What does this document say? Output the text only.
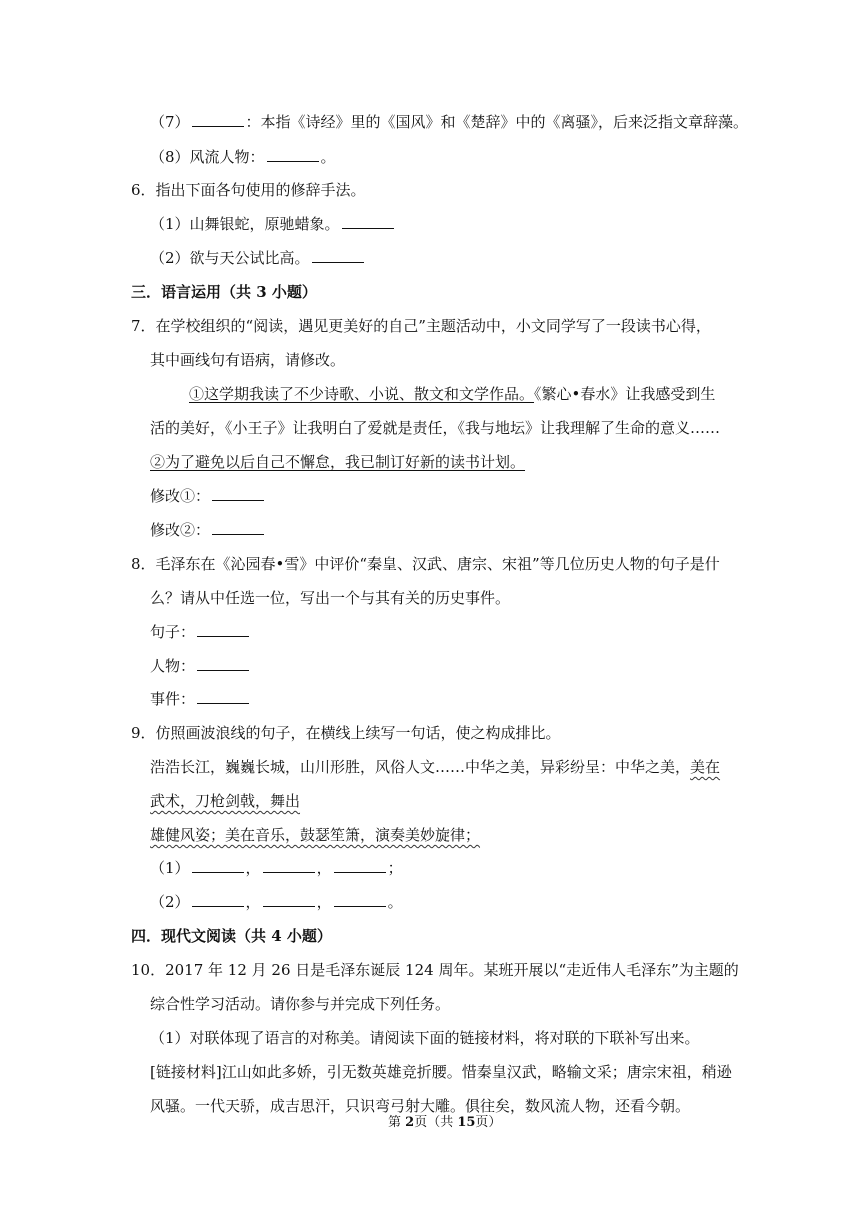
（7）	：本指《诗经》里的《国风》和《楚辞》中的《离骚》，后来泛指文章辞藻。
（8）风流人物：	。
6．指出下面各句使用的修辞手法。
（1）山舞银蛇，原驰蜡象。
（2）欲与天公试比高。
三．语言运用（共 3 小题）
7．在学校组织的“阅读，遇见更美好的自己”主题活动中，小文同学写了一段读书心得，
其中画线句有语病，请修改。
①这学期我读了不少诗歌、小说、散文和文学作品。《繁心•春水》让我感受到生
活的美好，《小王子》让我明白了爱就是责任，《我与地坛》让我理解了生命的意义……
②为了避免以后自己不懈怠，我已制订好新的读书计划。
修改①：
修改②：
8．毛泽东在《沁园春•雪》中评价“秦皇、汉武、唐宗、宋祖”等几位历史人物的句子是什
么？请从中任选一位，写出一个与其有关的历史事件。
句子：
人物：
事件：
9．仿照画波浪线的句子，在横线上续写一句话，使之构成排比。
浩浩长江，巍巍长城，山川形胜，风俗人文……中华之美，异彩纷呈：中华之美，美在
武术，刀枪剑戟，舞出
雄健风姿；美在音乐，鼓瑟笙箫，演奏美妙旋律；
（1）	，	，	；
（2）	，	，	。
四．现代文阅读（共 4 小题）
10．2017 年 12 月 26 日是毛泽东诞辰 124 周年。某班开展以“走近伟人毛泽东”为主题的
综合性学习活动。请你参与并完成下列任务。
（1）对联体现了语言的对称美。请阅读下面的链接材料，将对联的下联补写出来。
[链接材料]江山如此多娇，引无数英雄竞折腰。惜秦皇汉武，略输文采；唐宗宋祖，稍逊
风骚。一代天骄，成吉思汗，只识弯弓射大雕。俱往矣，数风流人物，还看今朝。
第 2页（共 15页）
